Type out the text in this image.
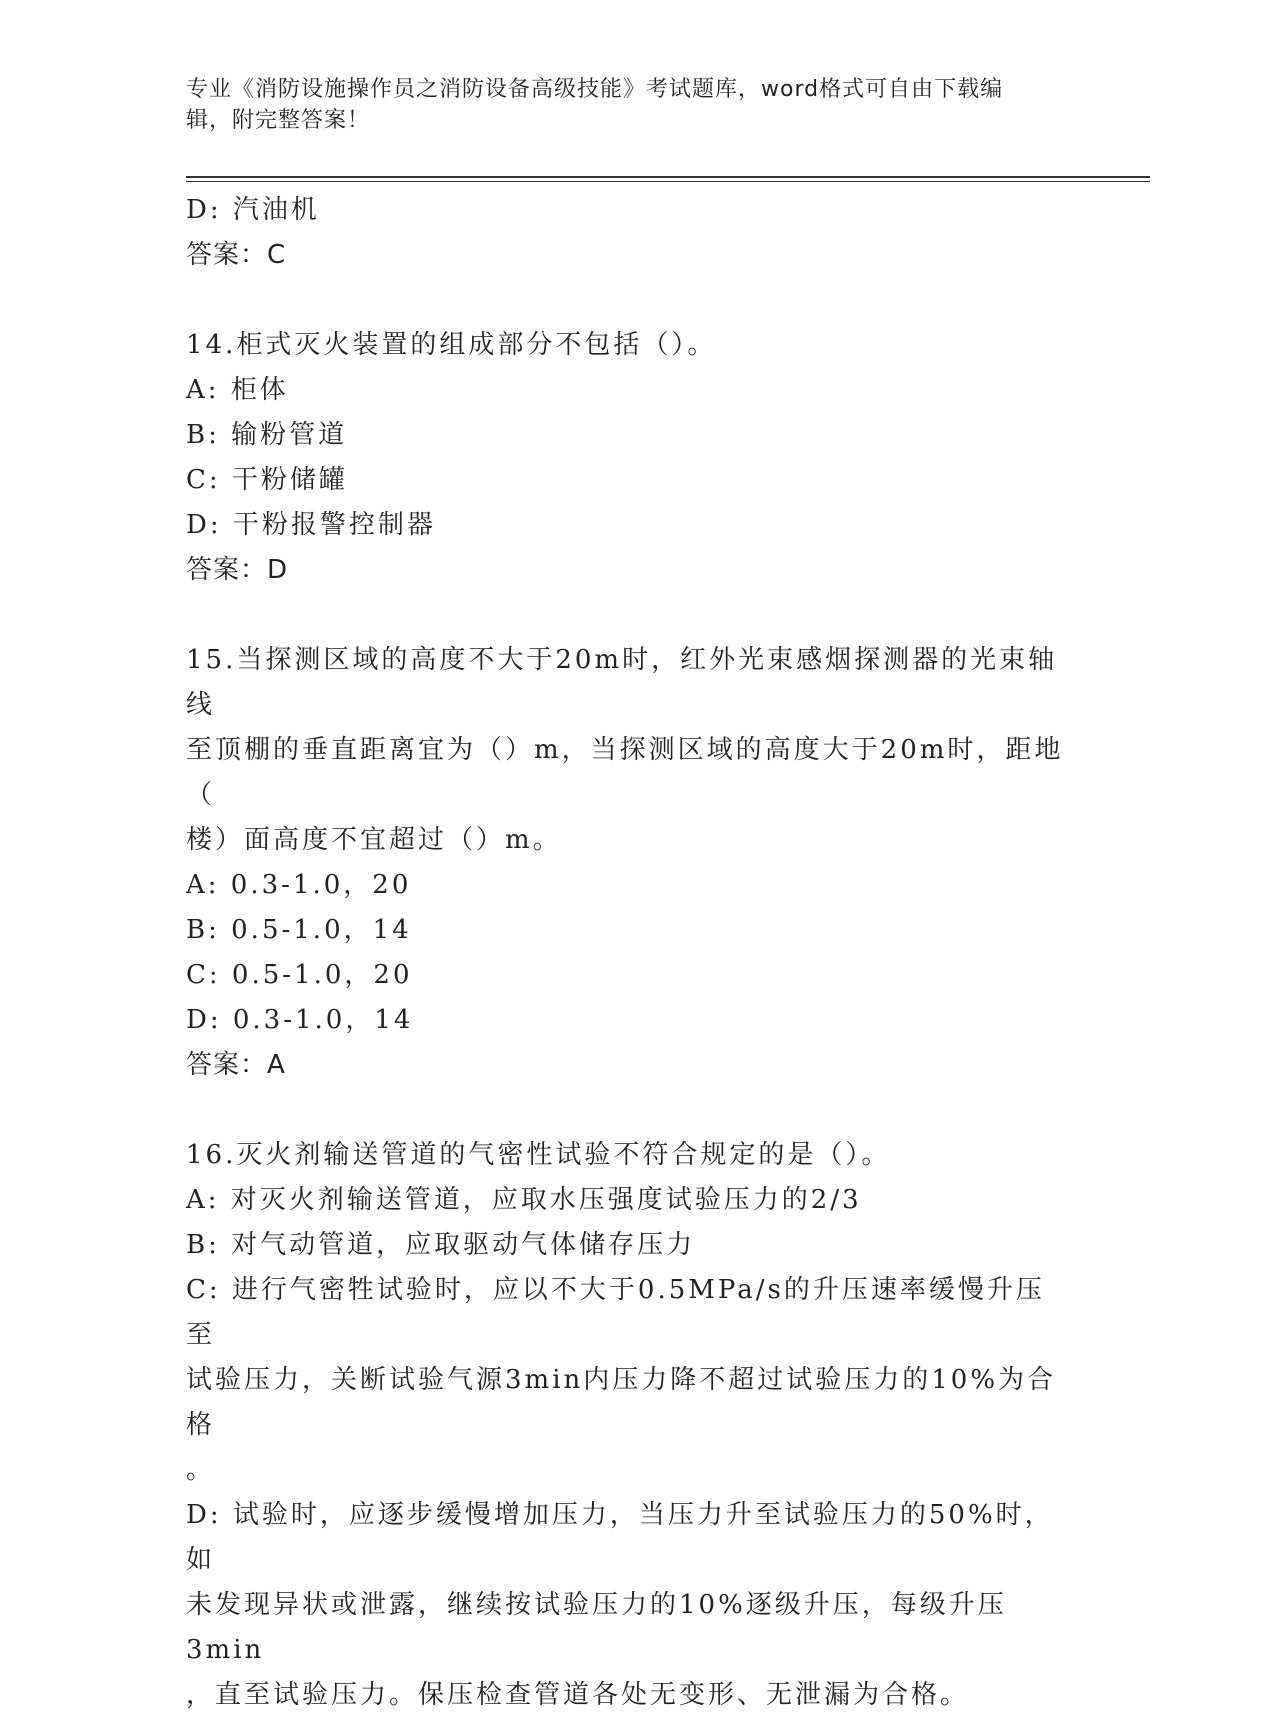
专业《消防设施操作员之消防设备高级技能》考试题库，word格式可自由下载编
辑，附完整答案！
D: 汽油机
答案：C
14.柜式灭火装置的组成部分不包括（）。
A: 柜体
B: 输粉管道
C: 干粉储罐
D: 干粉报警控制器
答案：D
15.当探测区域的高度不大于20m时，红外光束感烟探测器的光束轴线
至顶棚的垂直距离宜为（）m，当探测区域的高度大于20m时，距地（
楼）面高度不宜超过（）m。
A: 0.3-1.0，20
B: 0.5-1.0，14
C: 0.5-1.0，20
D: 0.3-1.0，14
答案：A
16.灭火剂输送管道的气密性试验不符合规定的是（）。
A: 对灭火剂输送管道，应取水压强度试验压力的2/3
B: 对气动管道，应取驱动气体储存压力
C: 进行气密牲试验时，应以不大于0.5MPa/s的升压速率缓慢升压至
试验压力，关断试验气源3min内压力降不超过试验压力的10%为合格
。
D: 试验时，应逐步缓慢增加压力，当压力升至试验压力的50%时，如
未发现异状或泄露，继续按试验压力的10%逐级升压，每级升压3min
，直至试验压力。保压检查管道各处无变形、无泄漏为合格。
